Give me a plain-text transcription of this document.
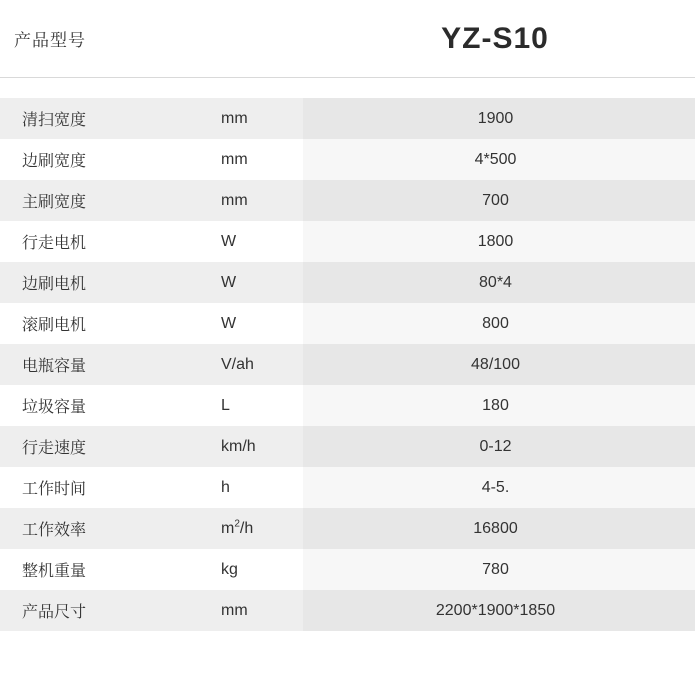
产品型号	YZ-S10
清扫宽度	mm	1900
边刷宽度	mm	4*500
主刷宽度	mm	700
行走电机	W	1800
边刷电机	W	80*4
滚刷电机	W	800
电瓶容量	V/ah	48/100
垃圾容量	L	180
行走速度	km/h	0-12
工作时间	h	4-5.
工作效率	$m^2/h$	16800
整机重量	kg	780
产品尺寸	mm	2200*1900*1850
